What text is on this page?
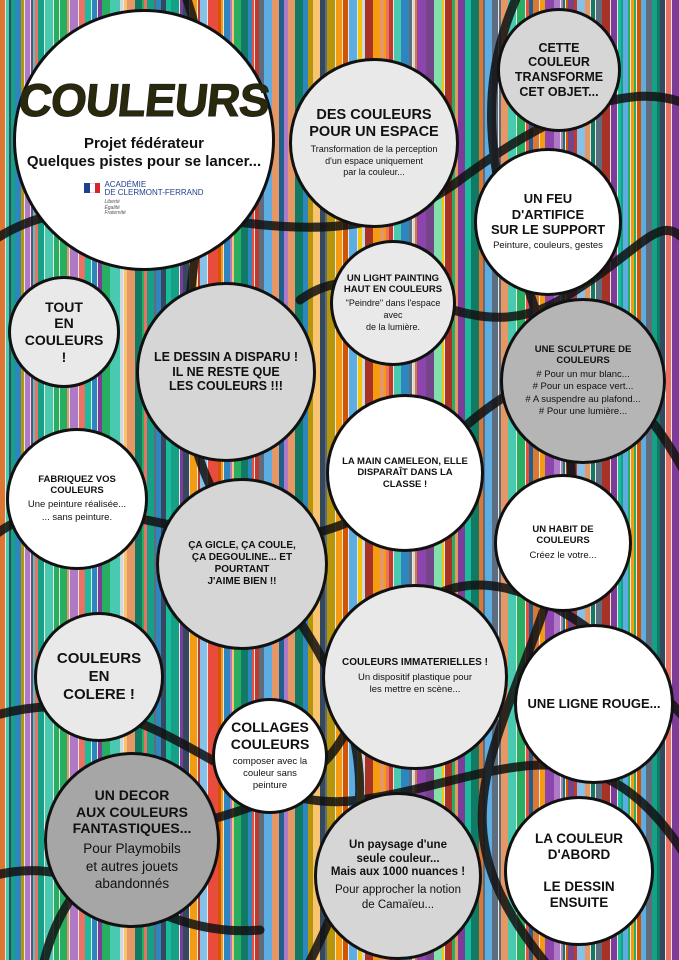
COULEURS
Projet fédérateur
Quelques pistes pour se lancer...
ACADÉMIE
DE CLERMONT-FERRAND
Liberté
Égalité
Fraternité
CETTE COULEUR
TRANSFORME
CET OBJET...
DES COULEURS
POUR UN ESPACE
Transformation de la perception
d'un espace uniquement
par la couleur...
UN FEU D'ARTIFICE
SUR LE SUPPORT
Peinture, couleurs, gestes
TOUT
EN
COULEURS !
UN LIGHT PAINTING
HAUT EN COULEURS
"Peindre" dans l'espace avec
de la lumière.
LE DESSIN A DISPARU !
IL NE RESTE QUE
LES COULEURS !!!
UNE SCULPTURE DE COULEURS
# Pour un mur blanc...
# Pour un espace vert...
# A suspendre au plafond...
# Pour une lumière...
LA MAIN CAMELEON, ELLE
DISPARAÎT DANS LA CLASSE !
FABRIQUEZ VOS COULEURS
Une peinture réalisée...
... sans peinture.
ÇA GICLE, ÇA COULE,
ÇA DEGOULINE... ET POURTANT
J'AIME BIEN !!
UN HABIT DE COULEURS
Créez le votre...
COULEURS
EN
COLERE !
COULEURS IMMATERIELLES !
Un dispositif plastique pour
les mettre en scène...
UNE LIGNE ROUGE...
COLLAGES
COULEURS
composer avec la
couleur sans peinture
UN DECOR
AUX COULEURS
FANTASTIQUES...
Pour Playmobils
et autres jouets
abandonnés
Un paysage d'une
seule couleur...
Mais aux 1000 nuances !
Pour approcher la notion
de Camaïeu...
LA COULEUR
D'ABORD

LE DESSIN
ENSUITE
